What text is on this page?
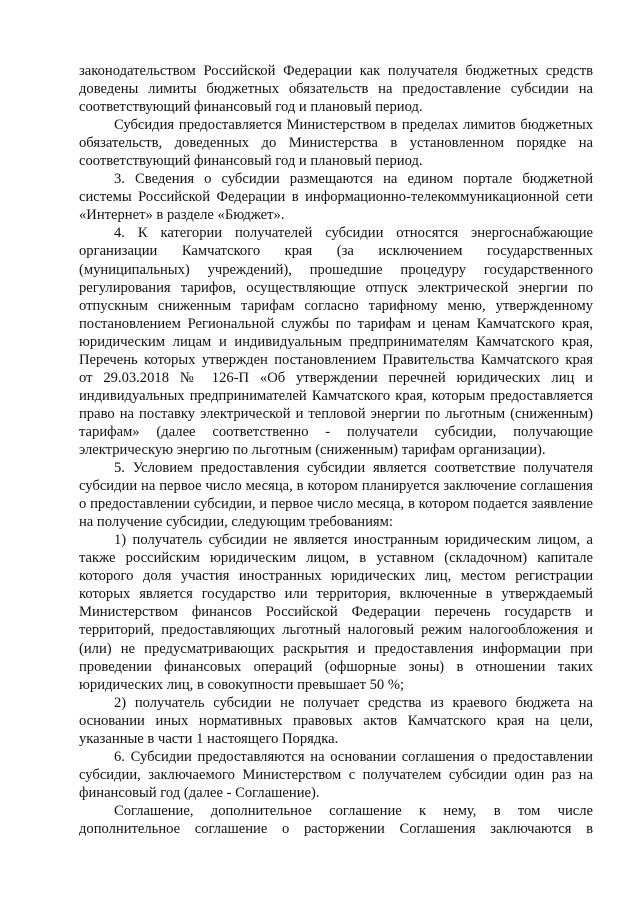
законодательством Российской Федерации как получателя бюджетных средств доведены лимиты бюджетных обязательств на предоставление субсидии на соответствующий финансовый год и плановый период.

Субсидия предоставляется Министерством в пределах лимитов бюджетных обязательств, доведенных до Министерства в установленном порядке на соответствующий финансовый год и плановый период.

3. Сведения о субсидии размещаются на едином портале бюджетной системы Российской Федерации в информационно-телекоммуникационной сети «Интернет» в разделе «Бюджет».

4. К категории получателей субсидии относятся энергоснабжающие организации Камчатского края (за исключением государственных (муниципальных) учреждений), прошедшие процедуру государственного регулирования тарифов, осуществляющие отпуск электрической энергии по отпускным сниженным тарифам согласно тарифному меню, утвержденному постановлением Региональной службы по тарифам и ценам Камчатского края, юридическим лицам и индивидуальным предпринимателям Камчатского края, Перечень которых утвержден постановлением Правительства Камчатского края от 29.03.2018 № 126-П «Об утверждении перечней юридических лиц и индивидуальных предпринимателей Камчатского края, которым предоставляется право на поставку электрической и тепловой энергии по льготным (сниженным) тарифам» (далее соответственно - получатели субсидии, получающие электрическую энергию по льготным (сниженным) тарифам организации).

5. Условием предоставления субсидии является соответствие получателя субсидии на первое число месяца, в котором планируется заключение соглашения о предоставлении субсидии, и первое число месяца, в котором подается заявление на получение субсидии, следующим требованиям:

1) получатель субсидии не является иностранным юридическим лицом, а также российским юридическим лицом, в уставном (складочном) капитале которого доля участия иностранных юридических лиц, местом регистрации которых является государство или территория, включенные в утверждаемый Министерством финансов Российской Федерации перечень государств и территорий, предоставляющих льготный налоговый режим налогообложения и (или) не предусматривающих раскрытия и предоставления информации при проведении финансовых операций (офшорные зоны) в отношении таких юридических лиц, в совокупности превышает 50 %;

2) получатель субсидии не получает средства из краевого бюджета на основании иных нормативных правовых актов Камчатского края на цели, указанные в части 1 настоящего Порядка.

6. Субсидии предоставляются на основании соглашения о предоставлении субсидии, заключаемого Министерством с получателем субсидии один раз на финансовый год (далее - Соглашение).

Соглашение, дополнительное соглашение к нему, в том числе дополнительное соглашение о расторжении Соглашения заключаются в
